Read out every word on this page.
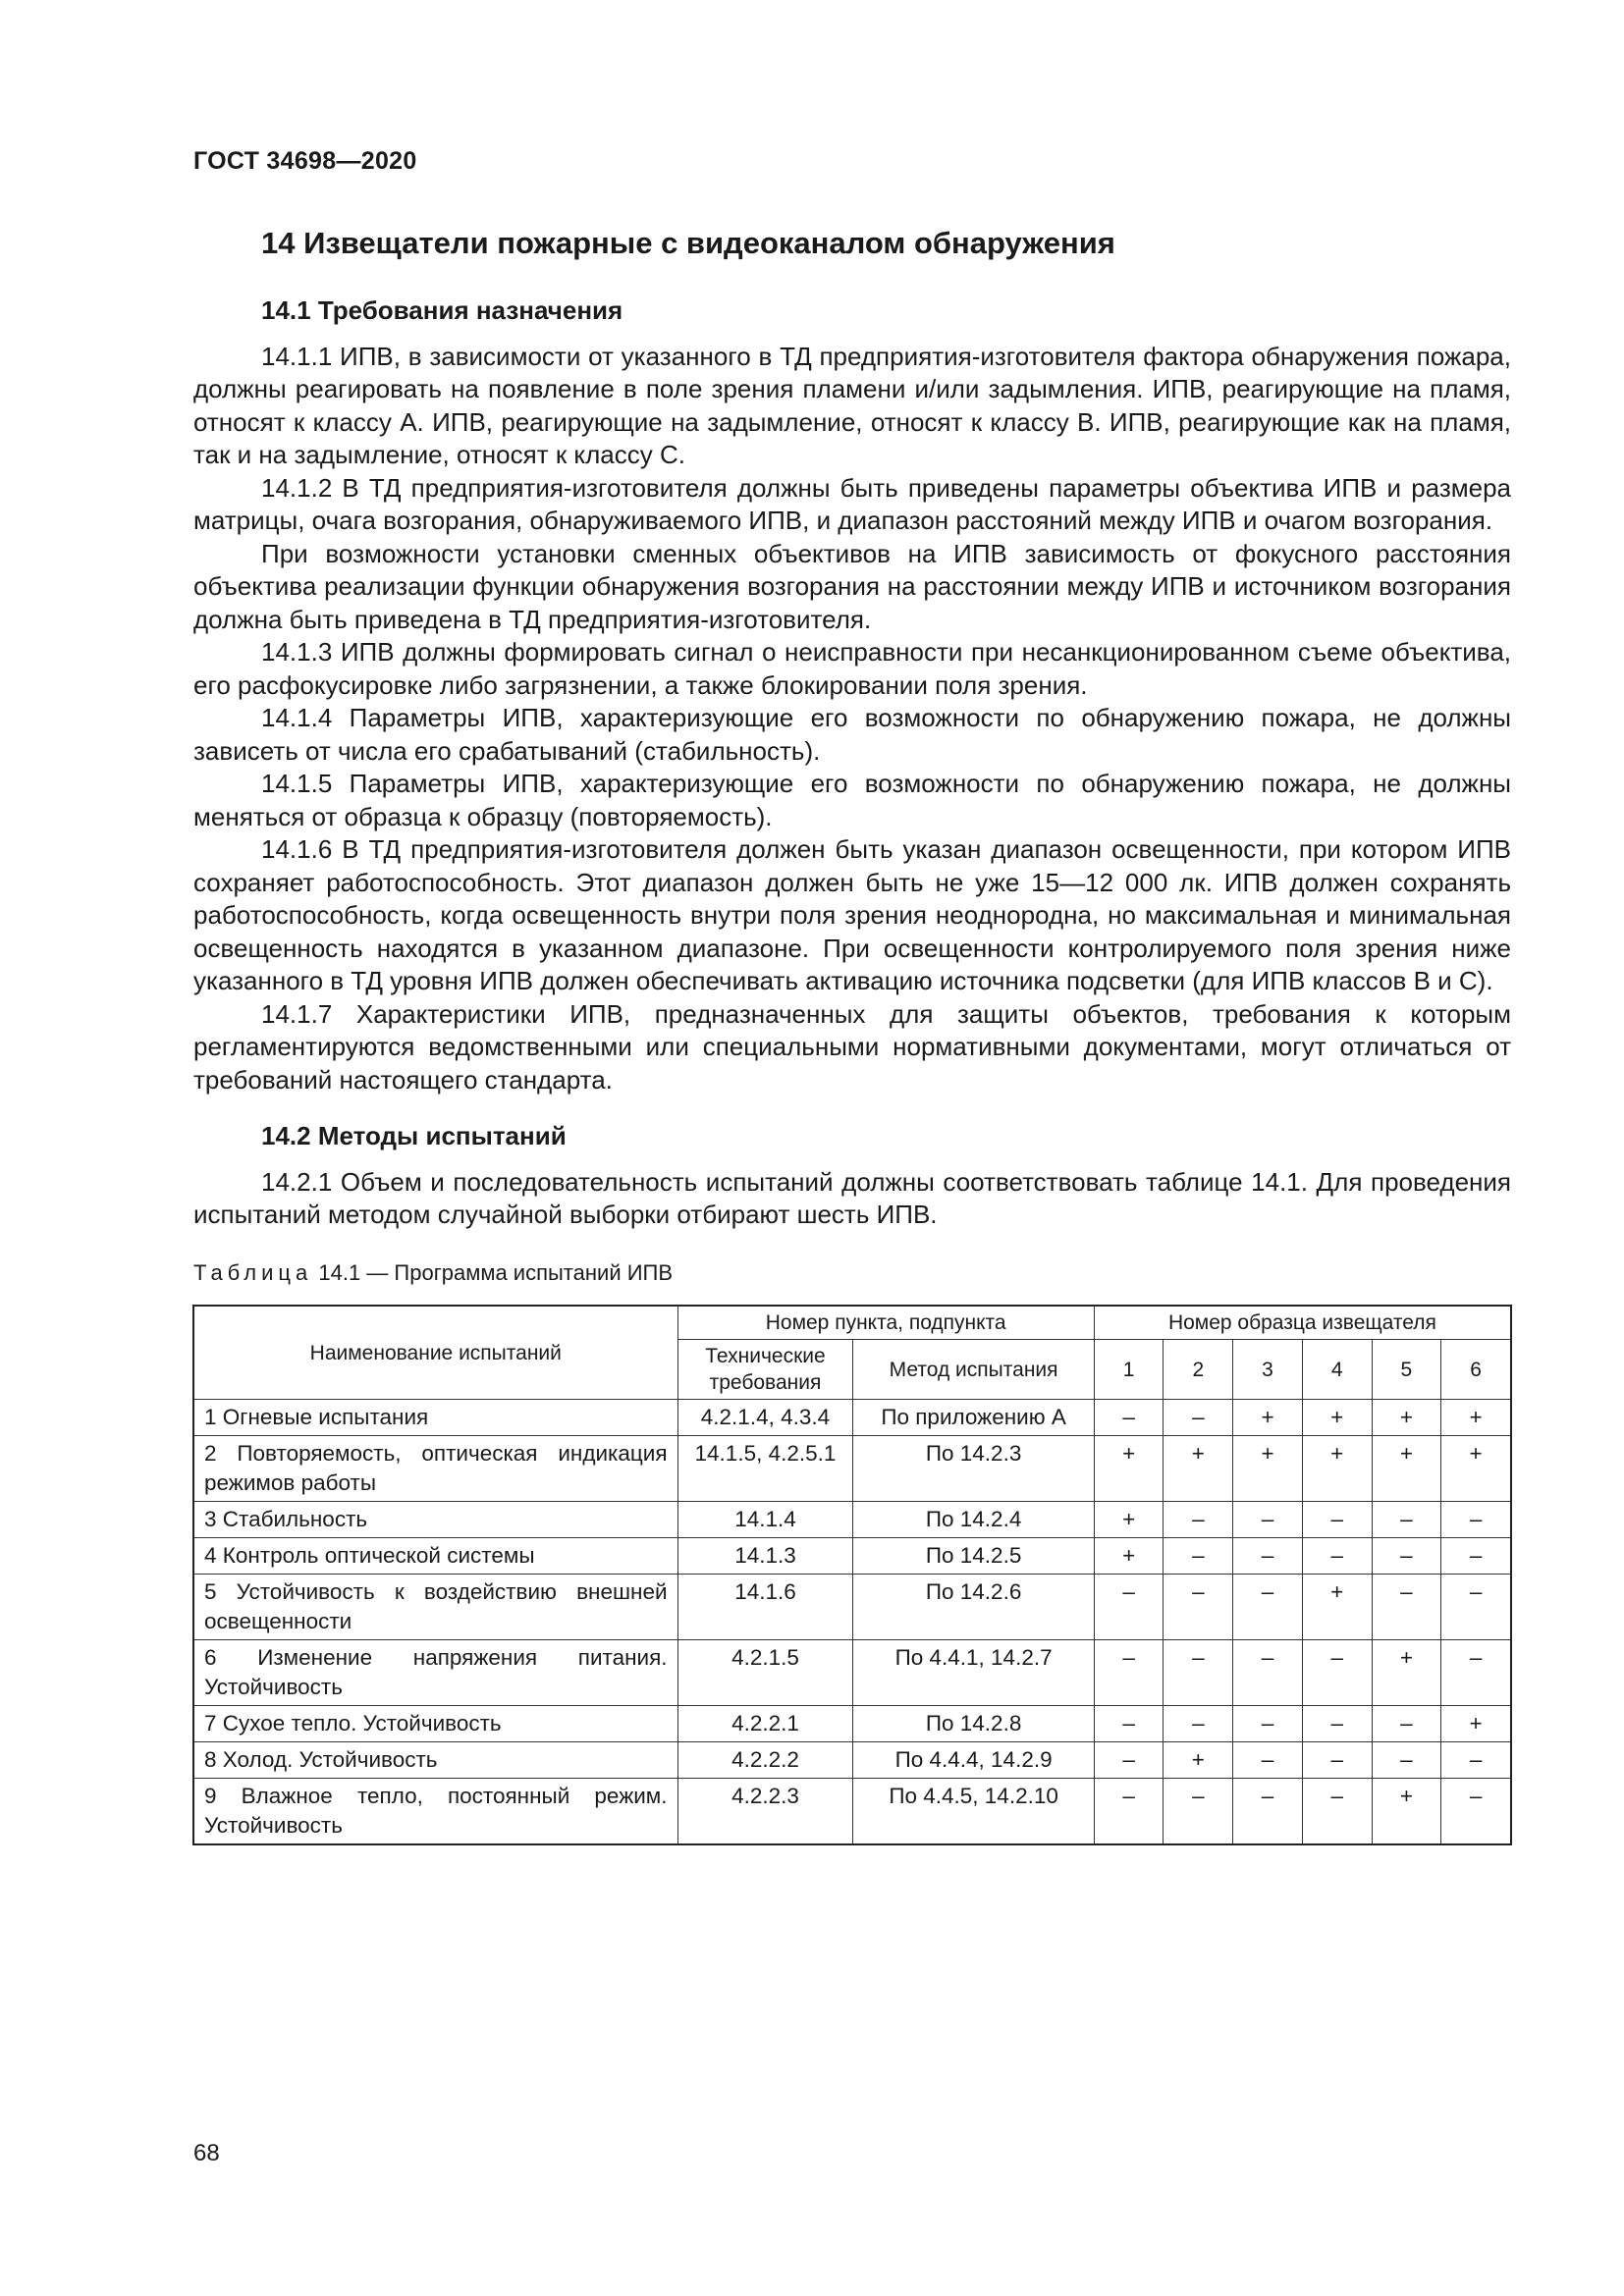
ГОСТ 34698—2020
14 Извещатели пожарные с видеоканалом обнаружения
14.1 Требования назначения

14.1.1 ИПВ, в зависимости от указанного в ТД предприятия-изготовителя фактора обнаружения пожара, должны реагировать на появление в поле зрения пламени и/или задымления. ИПВ, реагирующие на пламя, относят к классу А. ИПВ, реагирующие на задымление, относят к классу В. ИПВ, реагирующие как на пламя, так и на задымление, относят к классу С.

14.1.2 В ТД предприятия-изготовителя должны быть приведены параметры объектива ИПВ и размера матрицы, очага возгорания, обнаруживаемого ИПВ, и диапазон расстояний между ИПВ и очагом возгорания.

При возможности установки сменных объективов на ИПВ зависимость от фокусного расстояния объектива реализации функции обнаружения возгорания на расстоянии между ИПВ и источником возгорания должна быть приведена в ТД предприятия-изготовителя.

14.1.3 ИПВ должны формировать сигнал о неисправности при несанкционированном съеме объектива, его расфокусировке либо загрязнении, а также блокировании поля зрения.

14.1.4 Параметры ИПВ, характеризующие его возможности по обнаружению пожара, не должны зависеть от числа его срабатываний (стабильность).

14.1.5 Параметры ИПВ, характеризующие его возможности по обнаружению пожара, не должны меняться от образца к образцу (повторяемость).

14.1.6 В ТД предприятия-изготовителя должен быть указан диапазон освещенности, при котором ИПВ сохраняет работоспособность. Этот диапазон должен быть не уже 15—12 000 лк. ИПВ должен сохранять работоспособность, когда освещенность внутри поля зрения неоднородна, но максимальная и минимальная освещенность находятся в указанном диапазоне. При освещенности контролируемого поля зрения ниже указанного в ТД уровня ИПВ должен обеспечивать активацию источника подсветки (для ИПВ классов В и С).

14.1.7 Характеристики ИПВ, предназначенных для защиты объектов, требования к которым регламентируются ведомственными или специальными нормативными документами, могут отличаться от требований настоящего стандарта.

14.2 Методы испытаний

14.2.1 Объем и последовательность испытаний должны соответствовать таблице 14.1. Для проведения испытаний методом случайной выборки отбирают шесть ИПВ.

Таблица 14.1 — Программа испытаний ИПВ
Наименование испытаний	Номер пункта, подпункта		Номер образца извещателя					
	Технические требования	Метод испытания	1	2	3	4	5	6
1 Огневые испытания	4.2.1.4, 4.3.4	По приложению А	–	–	+	+	+	+
2 Повторяемость, оптическая индикация режимов работы	14.1.5, 4.2.5.1	По 14.2.3	+	+	+	+	+	+
3 Стабильность	14.1.4	По 14.2.4	+	–	–	–	–	–
4 Контроль оптической системы	14.1.3	По 14.2.5	+	–	–	–	–	–
5 Устойчивость к воздействию внешней освещенности	14.1.6	По 14.2.6	–	–	–	+	–	–
6 Изменение напряжения питания. Устойчивость	4.2.1.5	По 4.4.1, 14.2.7	–	–	–	–	+	–
7 Сухое тепло. Устойчивость	4.2.2.1	По 14.2.8	–	–	–	–	–	+
8 Холод. Устойчивость	4.2.2.2	По 4.4.4, 14.2.9	–	+	–	–	–	–
9 Влажное тепло, постоянный режим. Устойчивость	4.2.2.3	По 4.4.5, 14.2.10	–	–	–	–	+	–
68
